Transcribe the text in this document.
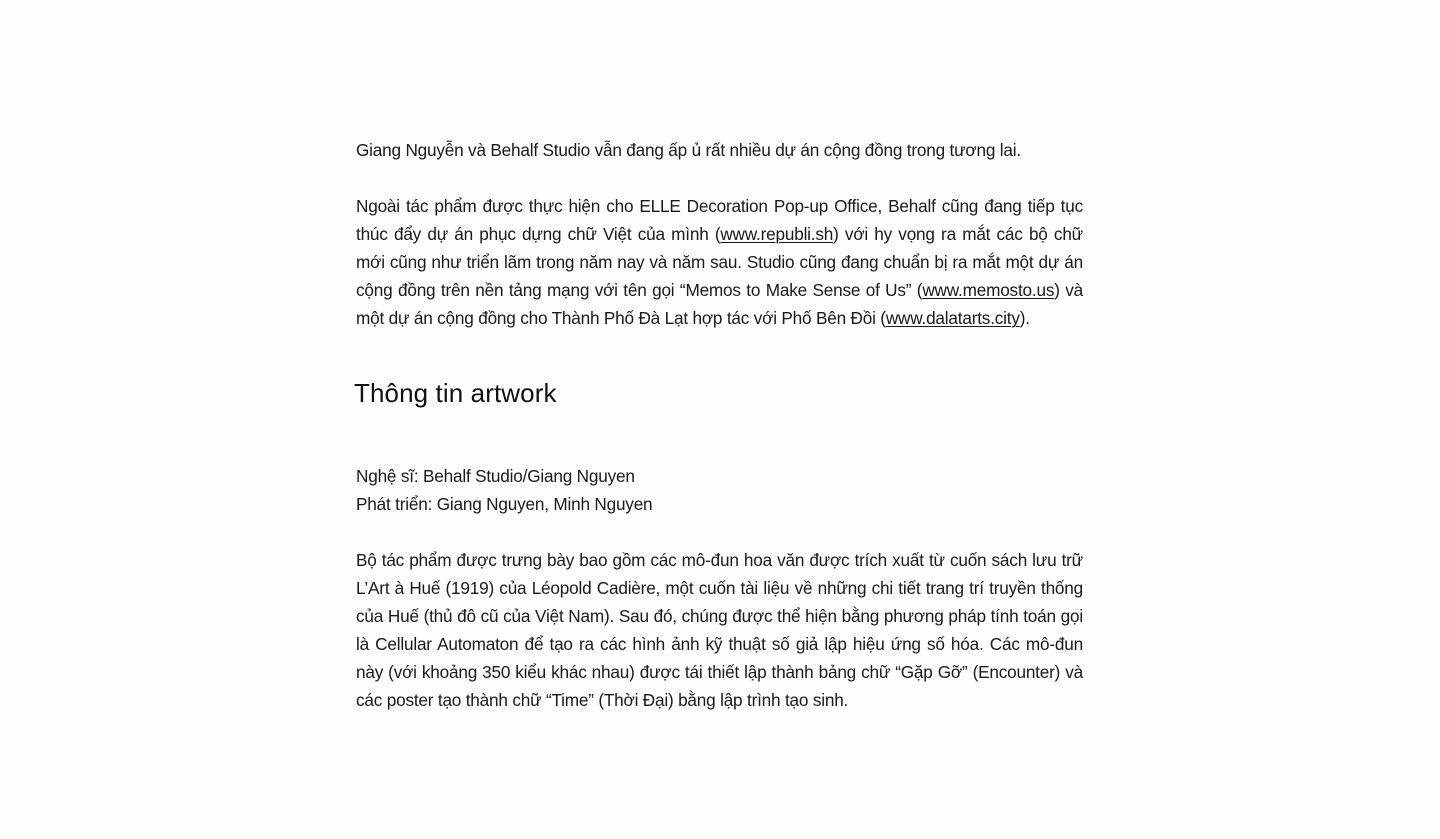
Giang Nguyễn và Behalf Studio vẫn đang ấp ủ rất nhiều dự án cộng đồng trong tương lai.

Ngoài tác phẩm được thực hiện cho ELLE Decoration Pop-up Office, Behalf cũng đang tiếp tục thúc đẩy dự án phục dựng chữ Việt của mình (www.republi.sh) với hy vọng ra mắt các bộ chữ mới cũng như triển lãm trong năm nay và năm sau. Studio cũng đang chuẩn bị ra mắt một dự án cộng đồng trên nền tảng mạng với tên gọi “Memos to Make Sense of Us” (www.memosto.us) và một dự án cộng đồng cho Thành Phố Đà Lạt hợp tác với Phố Bên Đồi (www.dalatarts.city).

Thông tin artwork

Nghệ sĩ: Behalf Studio/Giang Nguyen
Phát triển: Giang Nguyen, Minh Nguyen

Bộ tác phẩm được trưng bày bao gồm các mô-đun hoa văn được trích xuất từ cuốn sách lưu trữ L’Art à Huế (1919) của Léopold Cadière, một cuốn tài liệu về những chi tiết trang trí truyền thống của Huế (thủ đô cũ của Việt Nam). Sau đó, chúng được thể hiện bằng phương pháp tính toán gọi là Cellular Automaton để tạo ra các hình ảnh kỹ thuật số giả lập hiệu ứng số hóa. Các mô-đun này (với khoảng 350 kiểu khác nhau) được tái thiết lập thành bảng chữ “Gặp Gỡ” (Encounter) và các poster tạo thành chữ “Time” (Thời Đại) bằng lập trình tạo sinh.
